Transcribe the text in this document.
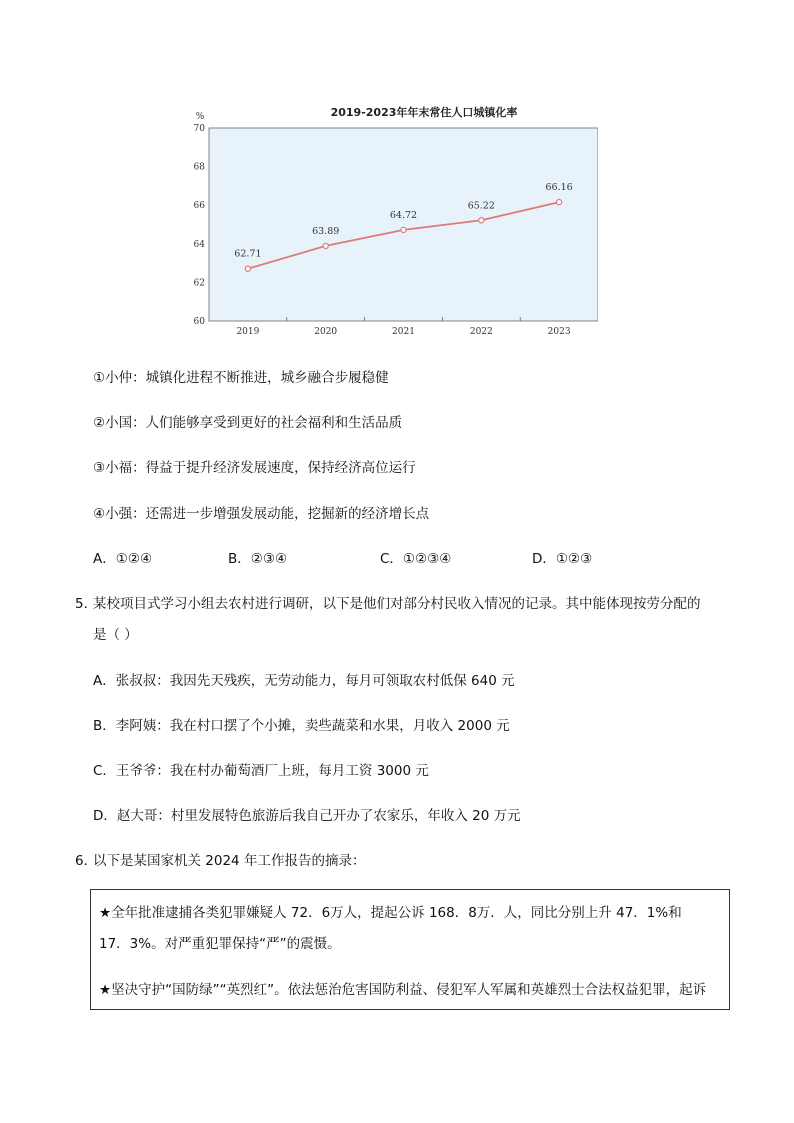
2019-2023年年末常住人口城镇化率
%
60
62
64
66
68
70
2019	2020	2021	2022	2023
62.71
63.89
64.72
65.22
66.16
①小仲：城镇化进程不断推进，城乡融合步履稳健
②小国：人们能够享受到更好的社会福利和生活品质
③小福：得益于提升经济发展速度，保持经济高位运行
④小强：还需进一步增强发展动能，挖掘新的经济增长点
A．①②④	B．②③④	C．①②③④	D．①②③
5．
某校项目式学习小组去农村进行调研，以下是他们对部分村民收入情况的记录。其中能体现按劳分配的
是（ ）
A．张叔叔：我因先天残疾，无劳动能力，每月可领取农村低保 640 元
B．李阿姨：我在村口摆了个小摊，卖些蔬菜和水果，月收入 2000 元
C．王爷爷：我在村办葡萄酒厂上班，每月工资 3000 元
D．赵大哥：村里发展特色旅游后我自己开办了农家乐，年收入 20 万元
6．
以下是某国家机关 2024 年工作报告的摘录：
★全年批准逮捕各类犯罪嫌疑人 72．6万人，提起公诉 168．8万．人，同比分别上升 47．1%和
17．3%。对严重犯罪保持“严”的震慑。
★坚决守护“国防绿”“英烈红”。依法惩治危害国防利益、侵犯军人军属和英雄烈士合法权益犯罪，起诉
